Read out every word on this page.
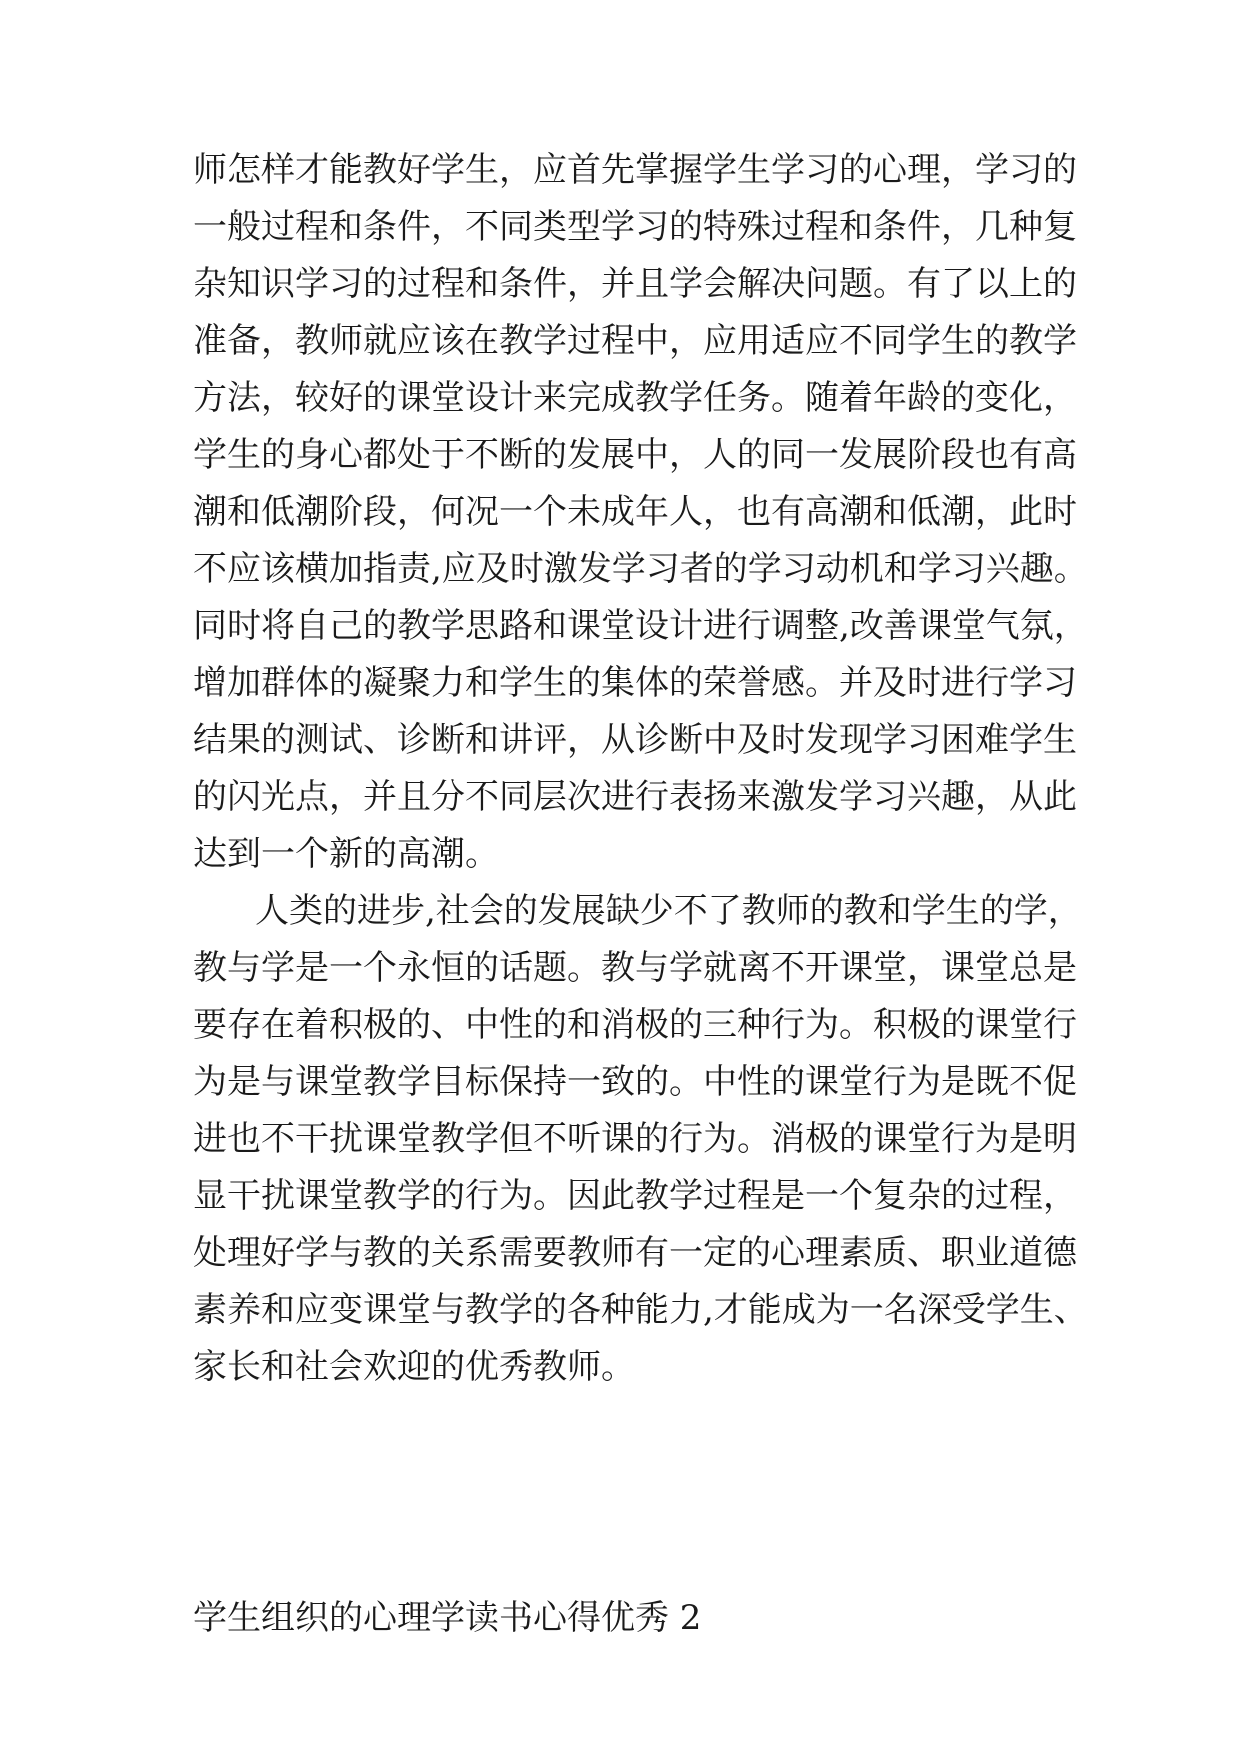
师怎样才能教好学生，应首先掌握学生学习的心理，学习的
一般过程和条件，不同类型学习的特殊过程和条件，几种复
杂知识学习的过程和条件，并且学会解决问题。有了以上的
准备，教师就应该在教学过程中，应用适应不同学生的教学
方法，较好的课堂设计来完成教学任务。随着年龄的变化，
学生的身心都处于不断的发展中，人的同一发展阶段也有高
潮和低潮阶段，何况一个未成年人，也有高潮和低潮，此时
不应该横加指责,应及时激发学习者的学习动机和学习兴趣。
同时将自己的教学思路和课堂设计进行调整,改善课堂气氛，
增加群体的凝聚力和学生的集体的荣誉感。并及时进行学习
结果的测试、诊断和讲评，从诊断中及时发现学习困难学生
的闪光点，并且分不同层次进行表扬来激发学习兴趣，从此
达到一个新的高潮。
人类的进步,社会的发展缺少不了教师的教和学生的学，
教与学是一个永恒的话题。教与学就离不开课堂，课堂总是
要存在着积极的、中性的和消极的三种行为。积极的课堂行
为是与课堂教学目标保持一致的。中性的课堂行为是既不促
进也不干扰课堂教学但不听课的行为。消极的课堂行为是明
显干扰课堂教学的行为。因此教学过程是一个复杂的过程，
处理好学与教的关系需要教师有一定的心理素质、职业道德
素养和应变课堂与教学的各种能力,才能成为一名深受学生、
家长和社会欢迎的优秀教师。
学生组织的心理学读书心得优秀 2
